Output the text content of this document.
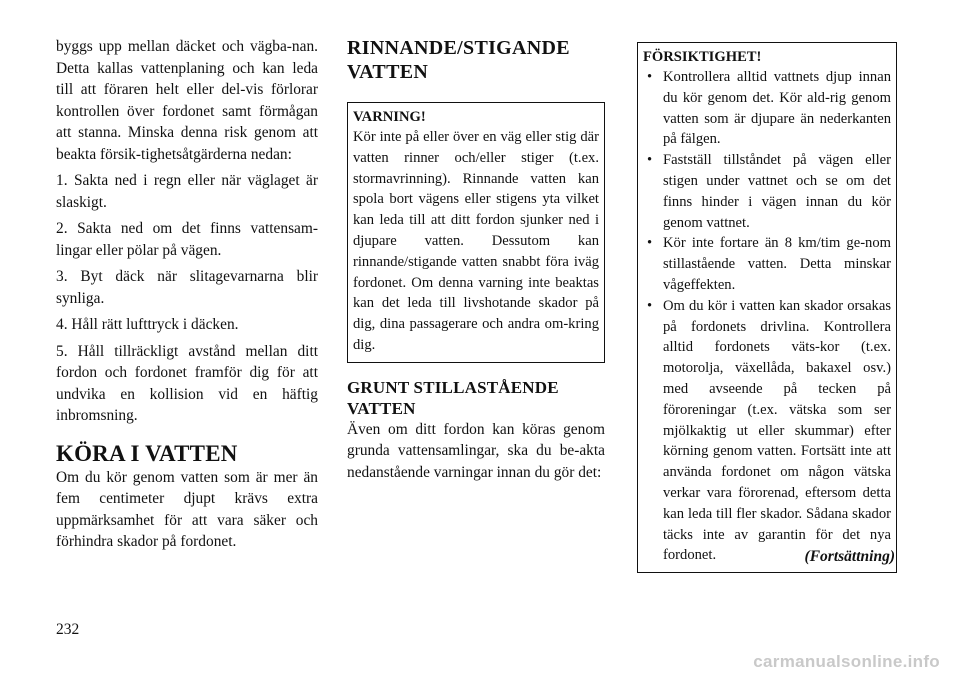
byggs upp mellan däcket och vägba-nan. Detta kallas vattenplaning och kan leda till att föraren helt eller del-vis förlorar kontrollen över fordonet samt förmågan att stanna. Minska denna risk genom att beakta försik-tighetsåtgärderna nedan:

1. Sakta ned i regn eller när väglaget är slaskigt.

2. Sakta ned om det finns vattensam-lingar eller pölar på vägen.

3. Byt däck när slitagevarnarna blir synliga.

4. Håll rätt lufttryck i däcken.

5. Håll tillräckligt avstånd mellan ditt fordon och fordonet framför dig för att undvika en kollision vid en häftig inbromsning.

KÖRA I VATTEN

Om du kör genom vatten som är mer än fem centimeter djupt krävs extra uppmärksamhet för att vara säker och förhindra skador på fordonet.

RINNANDE/STIGANDE VATTEN
VARNING!

Kör inte på eller över en väg eller stig där vatten rinner och/eller stiger (t.ex. stormavrinning). Rinnande vatten kan spola bort vägens eller stigens yta vilket kan leda till att ditt fordon sjunker ned i djupare vatten. Dessutom kan rinnande/stigande vatten snabbt föra iväg fordonet. Om denna varning inte beaktas kan det leda till livshotande skador på dig, dina passagerare och andra om-kring dig.

GRUNT STILLASTÅENDE VATTEN

Även om ditt fordon kan köras genom grunda vattensamlingar, ska du be-akta nedanstående varningar innan du gör det:

FÖRSIKTIGHET!
• Kontrollera alltid vattnets djup innan du kör genom det. Kör ald-rig genom vatten som är djupare än nederkanten på fälgen.
• Fastställ tillståndet på vägen eller stigen under vattnet och se om det finns hinder i vägen innan du kör genom vattnet.
• Kör inte fortare än 8 km/tim ge-nom stillastående vatten. Detta minskar vågeffekten.
• Om du kör i vatten kan skador orsakas på fordonets drivlina. Kontrollera alltid fordonets väts-kor (t.ex. motorolja, växellåda, bakaxel osv.) med avseende på tecken på föroreningar (t.ex. vätska som ser mjölkaktig ut eller skummar) efter körning genom vatten. Fortsätt inte att använda fordonet om någon vätska verkar vara förorenad, eftersom detta kan leda till fler skador. Sådana skador täcks inte av garantin för det nya fordonet.	(Fortsättning)
232
carmanualsonline.info
